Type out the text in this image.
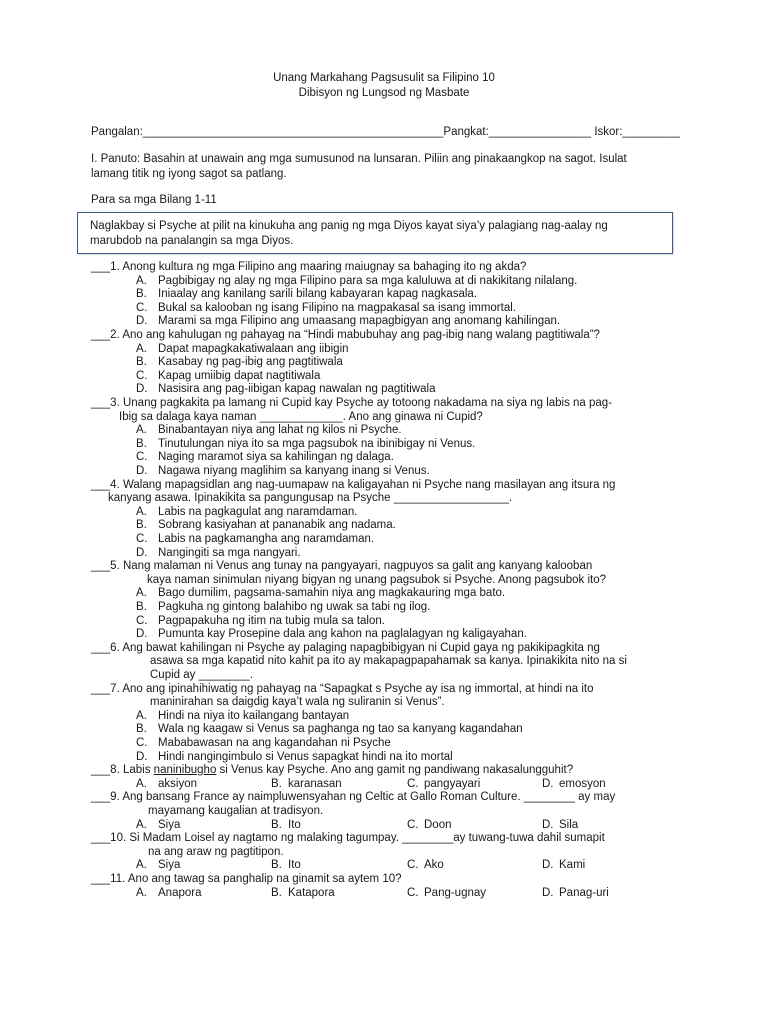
Unang Markahang Pagsusulit sa Filipino 10
Dibisyon ng Lungsod ng Masbate
Pangalan:_______________________________________________Pangkat:________________ Iskor:_________
I. Panuto: Basahin at unawain ang mga sumusunod na lunsaran. Piliin ang pinakaangkop na sagot. Isulat
lamang titik ng iyong sagot sa patlang.
Para sa mga Bilang 1-11
Naglakbay si Psyche at pilit na kinukuha ang panig ng mga Diyos kayat siya’y palagiang nag-aalay ng
marubdob na panalangin sa mga Diyos.
___1. Anong kultura ng mga Filipino ang maaring maiugnay sa bahaging ito ng akda?
A. Pagbibigay ng alay ng mga Filipino para sa mga kaluluwa at di nakikitang nilalang.
B. Iniaalay ang kanilang sarili bilang kabayaran kapag nagkasala.
C. Bukal sa kalooban ng isang Filipino na magpakasal sa isang immortal.
D. Marami sa mga Filipino ang umaasang mapagbigyan ang anomang kahilingan.
___2. Ano ang kahulugan ng pahayag na “Hindi mabubuhay ang pag-ibig nang walang pagtitiwala”?
A. Dapat mapagkakatiwalaan ang iibigin
B. Kasabay ng pag-ibig ang pagtitiwala
C. Kapag umiibig dapat nagtitiwala
D. Nasisira ang pag-iibigan kapag nawalan ng pagtitiwala
___3. Unang pagkakita pa lamang ni Cupid kay Psyche ay totoong nakadama na siya ng labis na pag-
Ibig sa dalaga kaya naman _____________. Ano ang ginawa ni Cupid?
A. Binabantayan niya ang lahat ng kilos ni Psyche.
B. Tinutulungan niya ito sa mga pagsubok na ibinibigay ni Venus.
C. Naging maramot siya sa kahilingan ng dalaga.
D. Nagawa niyang maglihim sa kanyang inang si Venus.
___4. Walang mapagsidlan ang nag-uumapaw na kaligayahan ni Psyche nang masilayan ang itsura ng
kanyang asawa. Ipinakikita sa pangungusap na Psyche __________________.
A. Labis na pagkagulat ang naramdaman.
B. Sobrang kasiyahan at pananabik ang nadama.
C. Labis na pagkamangha ang naramdaman.
D. Nangingiti sa mga nangyari.
___5. Nang malaman ni Venus ang tunay na pangyayari, nagpuyos sa galit ang kanyang kalooban
kaya naman sinimulan niyang bigyan ng unang pagsubok si Psyche. Anong pagsubok ito?
A. Bago dumilim, pagsama-samahin niya ang magkakauring mga bato.
B. Pagkuha ng gintong balahibo ng uwak sa tabi ng ilog.
C. Pagpapakuha ng itim na tubig mula sa talon.
D. Pumunta kay Prosepine dala ang kahon na paglalagyan ng kaligayahan.
___6. Ang bawat kahilingan ni Psyche ay palaging napagbibigyan ni Cupid gaya ng pakikipagkita ng
asawa sa mga kapatid nito kahit pa ito ay makapagpapahamak sa kanya. Ipinakikita nito na si
Cupid ay ________.
___7. Ano ang ipinahihiwatig ng pahayag na “Sapagkat s Psyche ay isa ng immortal, at hindi na ito
maninirahan sa daigdig kaya’t wala ng suliranin si Venus”.
A. Hindi na niya ito kailangang bantayan
B. Wala ng kaagaw si Venus sa paghanga ng tao sa kanyang kagandahan
C. Mababawasan na ang kagandahan ni Psyche
D. Hindi nangingimbulo si Venus sapagkat hindi na ito mortal
___8. Labis naninibugho si Venus kay Psyche. Ano ang gamit ng pandiwang nakasalungguhit?
A. aksiyon	B. karanasan	C. pangyayari	D. emosyon
___9. Ang bansang France ay naimpluwensyahan ng Celtic at Gallo Roman Culture. ________ ay may
mayamang kaugalian at tradisyon.
A. Siya	B. Ito	C. Doon	D. Sila
___10. Si Madam Loisel ay nagtamo ng malaking tagumpay. ________ay tuwang-tuwa dahil sumapit
na ang araw ng pagtitipon.
A. Siya	B. Ito	C. Ako	D. Kami
___11. Ano ang tawag sa panghalip na ginamit sa aytem 10?
A. Anapora	B. Katapora	C. Pang-ugnay	D. Panag-uri
